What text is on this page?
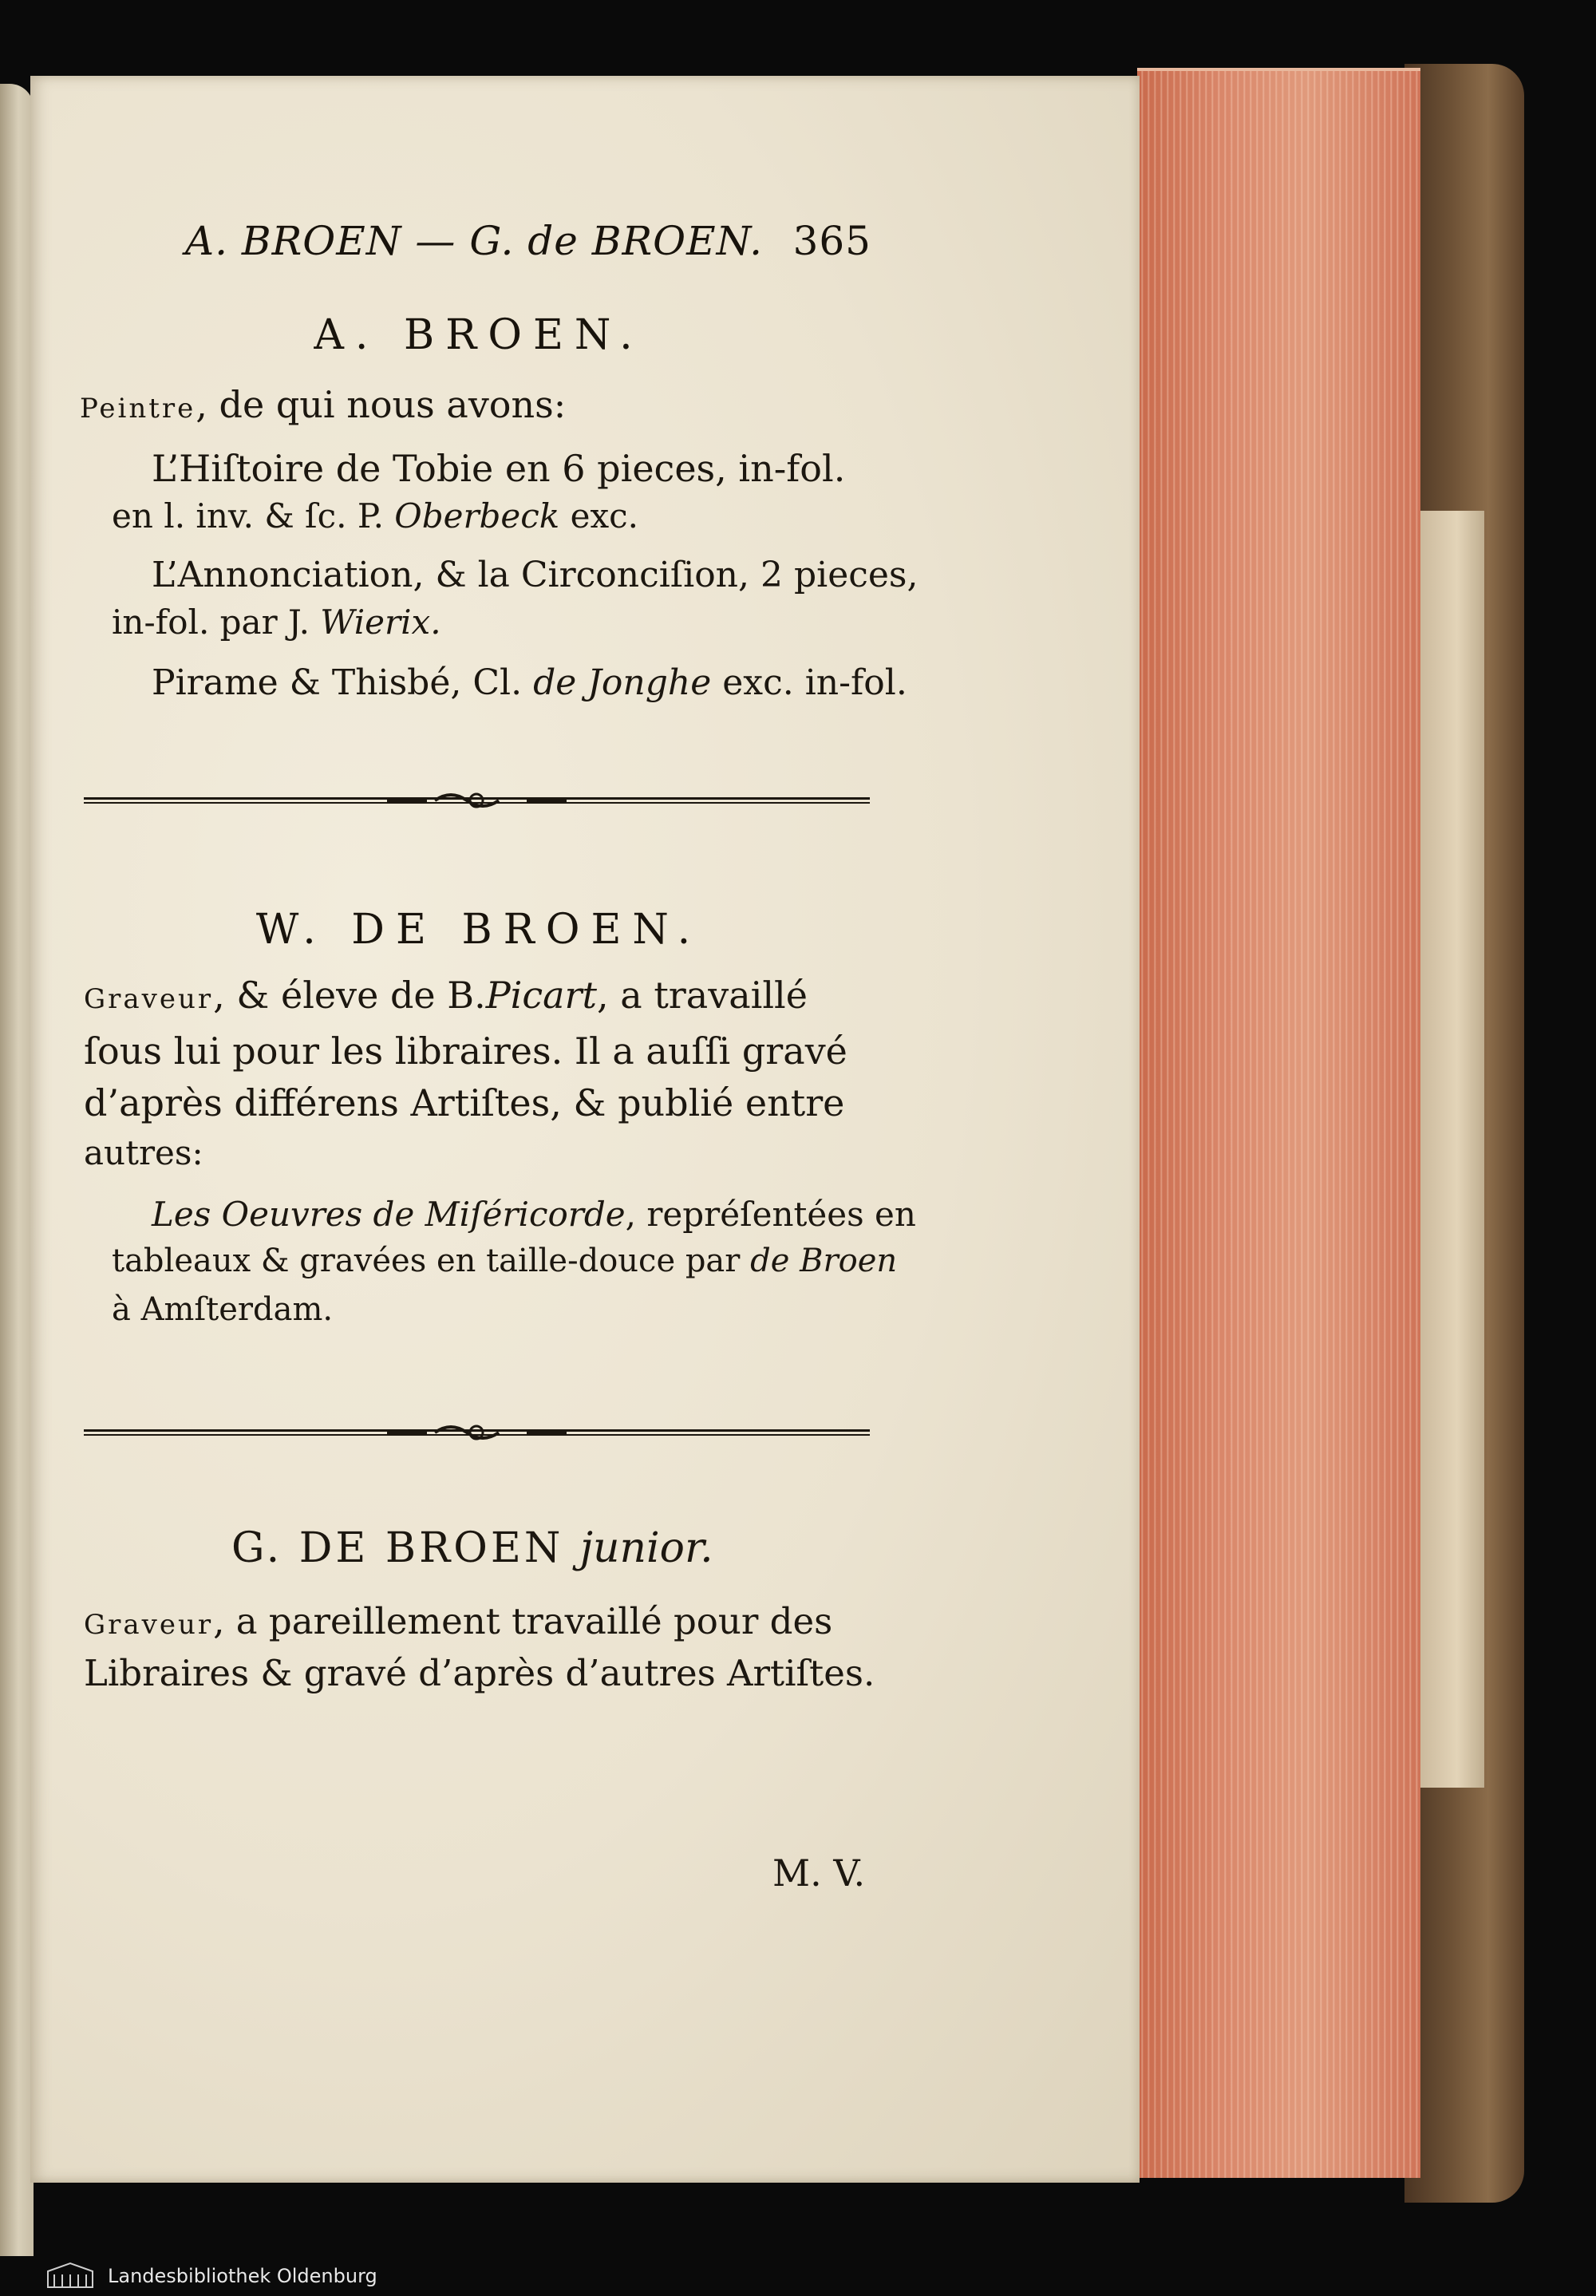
A. BROEN — G. de BROEN. 365
A. BROEN.
Peintre, de qui nous avons:
L’Hiſtoire de Tobie en 6 pieces, in-fol.
en l. inv. & ſc. P. Oberbeck exc.
L’Annonciation, & la Circonciſion, 2 pieces,
in-fol. par J. Wierix.
Pirame & Thisbé, Cl. de Jonghe exc. in-fol.
W. DE BROEN.
Graveur, & éleve de B.Picart, a travaillé
ſous lui pour les libraires. Il a auſſi gravé
d’après différens Artiſtes, & publié entre
autres:
Les Oeuvres de Miſéricorde, repréſentées en
tableaux & gravées en taille-douce par de Broen
à Amſterdam.
G. DE BROEN junior.
Graveur, a pareillement travaillé pour des
Libraires & gravé d’après d’autres Artiſtes.
M. V.
Landesbibliothek Oldenburg
